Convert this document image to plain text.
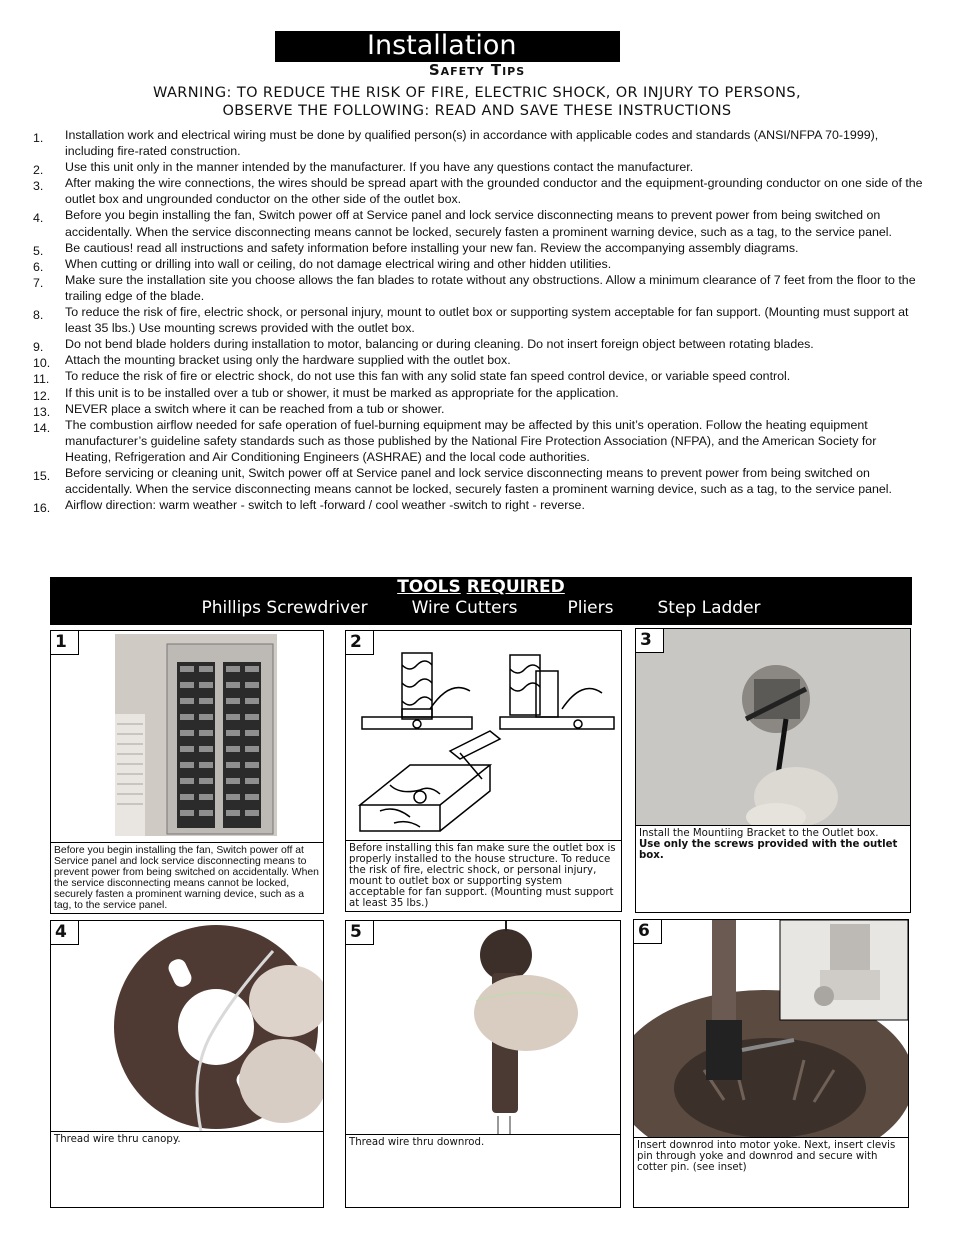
Installation
Safety Tips
WARNING: TO REDUCE THE RISK OF FIRE, ELECTRIC SHOCK, OR INJURY TO PERSONS,
OBSERVE THE FOLLOWING: READ AND SAVE THESE INSTRUCTIONS
1. Installation work and electrical wiring must be done by qualified person(s) in accordance with applicable codes and standards (ANSI/NFPA 70-1999), including fire-rated construction.
2. Use this unit only in the manner intended by the manufacturer. If you have any questions contact the manufacturer.
3. After making the wire connections, the wires should be spread apart with the grounded conductor and the equipment-grounding conductor on one side of the outlet box and ungrounded conductor on the other side of the outlet box.
4. Before you begin installing the fan, Switch power off at Service panel and lock service disconnecting means to prevent power from being switched on accidentally. When the service disconnecting means cannot be locked, securely fasten a prominent warning device, such as a tag, to the service panel.
5. Be cautious! read all instructions and safety information before installing your new fan. Review the accompanying assembly diagrams.
6. When cutting or drilling into wall or ceiling, do not damage electrical wiring and other hidden utilities.
7. Make sure the installation site you choose allows the fan blades to rotate without any obstructions. Allow a minimum clearance of 7 feet from the floor to the trailing edge of the blade.
8. To reduce the risk of fire, electric shock, or personal injury, mount to outlet box or supporting system acceptable for fan support. (Mounting must support at least 35 lbs.) Use mounting screws provided with the outlet box.
9. Do not bend blade holders during installation to motor, balancing or during cleaning. Do not insert foreign object between rotating blades.
10. Attach the mounting bracket using only the hardware supplied with the outlet box.
11. To reduce the risk of fire or electric shock, do not use this fan with any solid state fan speed control device, or variable speed control.
12. If this unit is to be installed over a tub or shower, it must be marked as appropriate for the application.
13. NEVER place a switch where it can be reached from a tub or shower.
14. The combustion airflow needed for safe operation of fuel-burning equipment may be affected by this unit’s operation. Follow the heating equipment manufacturer’s guideline safety standards such as those published by the National Fire Protection Association (NFPA), and the American Society for Heating, Refrigeration and Air Conditioning Engineers (ASHRAE) and the local code authorities.
15. Before servicing or cleaning unit, Switch power off at Service panel and lock service disconnecting means to prevent power from being switched on accidentally. When the service disconnecting means cannot be locked, securely fasten a prominent warning device, such as a tag, to the service panel.
16. Airflow direction: warm weather - switch to left -forward / cool weather -switch to right - reverse.
TOOLS REQUIRED
Phillips Screwdriver	Wire Cutters	Pliers	Step Ladder
1
Before you begin installing the fan, Switch power off at Service panel and lock service disconnecting means to prevent power from being switched on accidentally. When the service disconnecting means cannot be locked, securely fasten a prominent warning device, such as a tag, to the service panel.
2
Before installing this fan make sure the outlet box is properly installed to the house structure. To reduce the risk of fire, electric shock, or personal injury, mount to outlet box or supporting system acceptable for fan support. (Mounting must support at least 35 lbs.)
3
Install the Mountiing Bracket to the Outlet box.
Use only the screws provided with the outlet box.
4
Thread wire thru canopy.
5
Thread wire thru downrod.
6
Insert downrod into motor yoke. Next, insert clevis pin through yoke and downrod and secure with cotter pin. (see inset)
